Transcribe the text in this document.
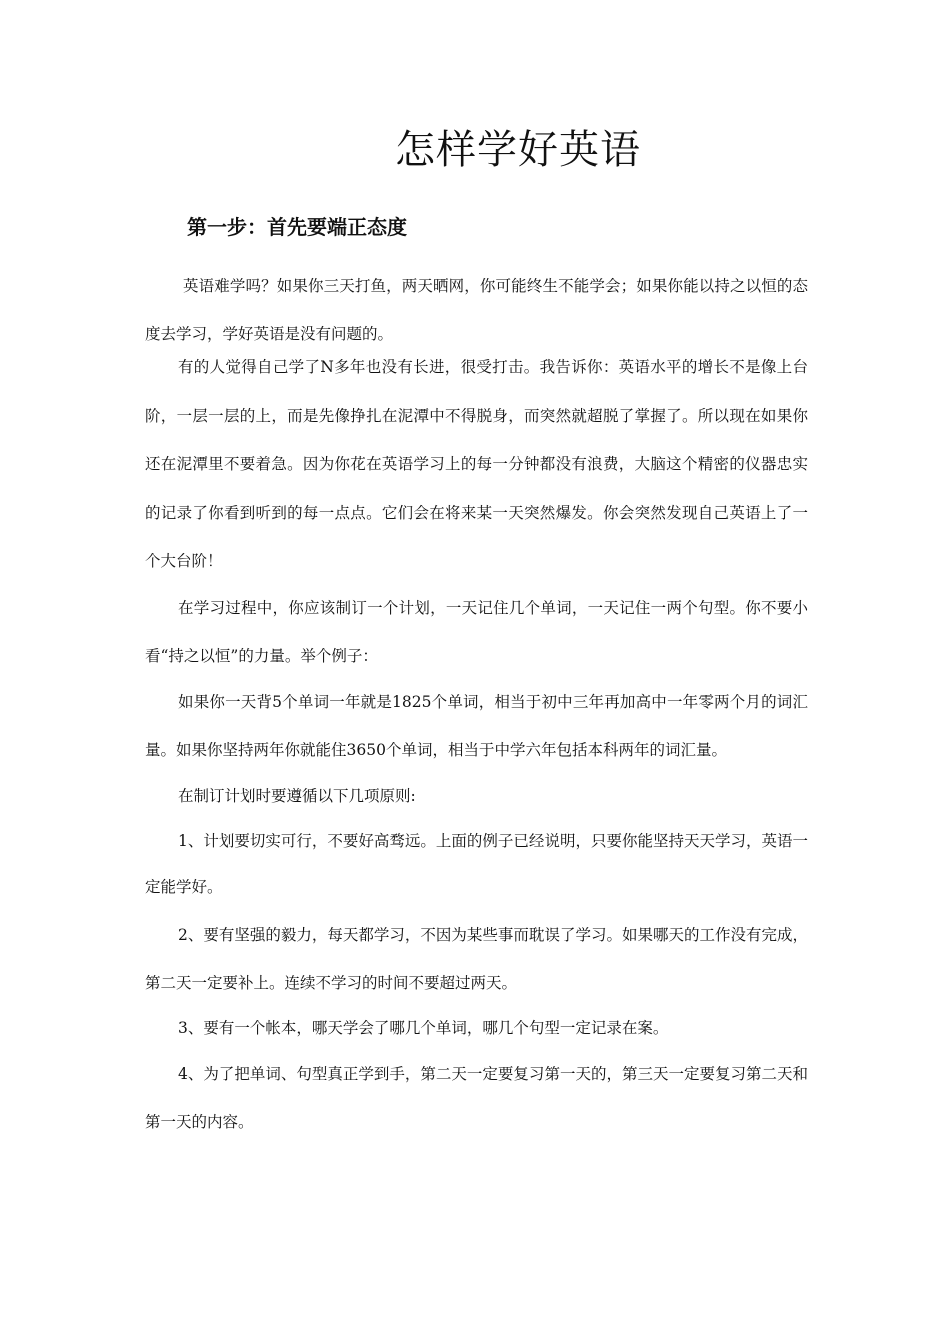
怎样学好英语
第一步：首先要端正态度

英语难学吗？如果你三天打鱼，两天晒网，你可能终生不能学会；如果你能以持之以恒的态度去学习，学好英语是没有问题的。

有的人觉得自己学了N多年也没有长进，很受打击。我告诉你：英语水平的增长不是像上台阶，一层一层的上，而是先像挣扎在泥潭中不得脱身，而突然就超脱了掌握了。所以现在如果你还在泥潭里不要着急。因为你花在英语学习上的每一分钟都没有浪费，大脑这个精密的仪器忠实的记录了你看到听到的每一点点。它们会在将来某一天突然爆发。你会突然发现自己英语上了一个大台阶！

在学习过程中，你应该制订一个计划，一天记住几个单词，一天记住一两个句型。你不要小看“持之以恒”的力量。举个例子：

如果你一天背5个单词一年就是1825个单词，相当于初中三年再加高中一年零两个月的词汇量。如果你坚持两年你就能住3650个单词，相当于中学六年包括本科两年的词汇量。

在制订计划时要遵循以下几项原则:

1、计划要切实可行，不要好高骛远。上面的例子已经说明，只要你能坚持天天学习，英语一定能学好。

2、要有坚强的毅力，每天都学习，不因为某些事而耽误了学习。如果哪天的工作没有完成，第二天一定要补上。连续不学习的时间不要超过两天。

3、要有一个帐本，哪天学会了哪几个单词，哪几个句型一定记录在案。

4、为了把单词、句型真正学到手，第二天一定要复习第一天的，第三天一定要复习第二天和第一天的内容。
